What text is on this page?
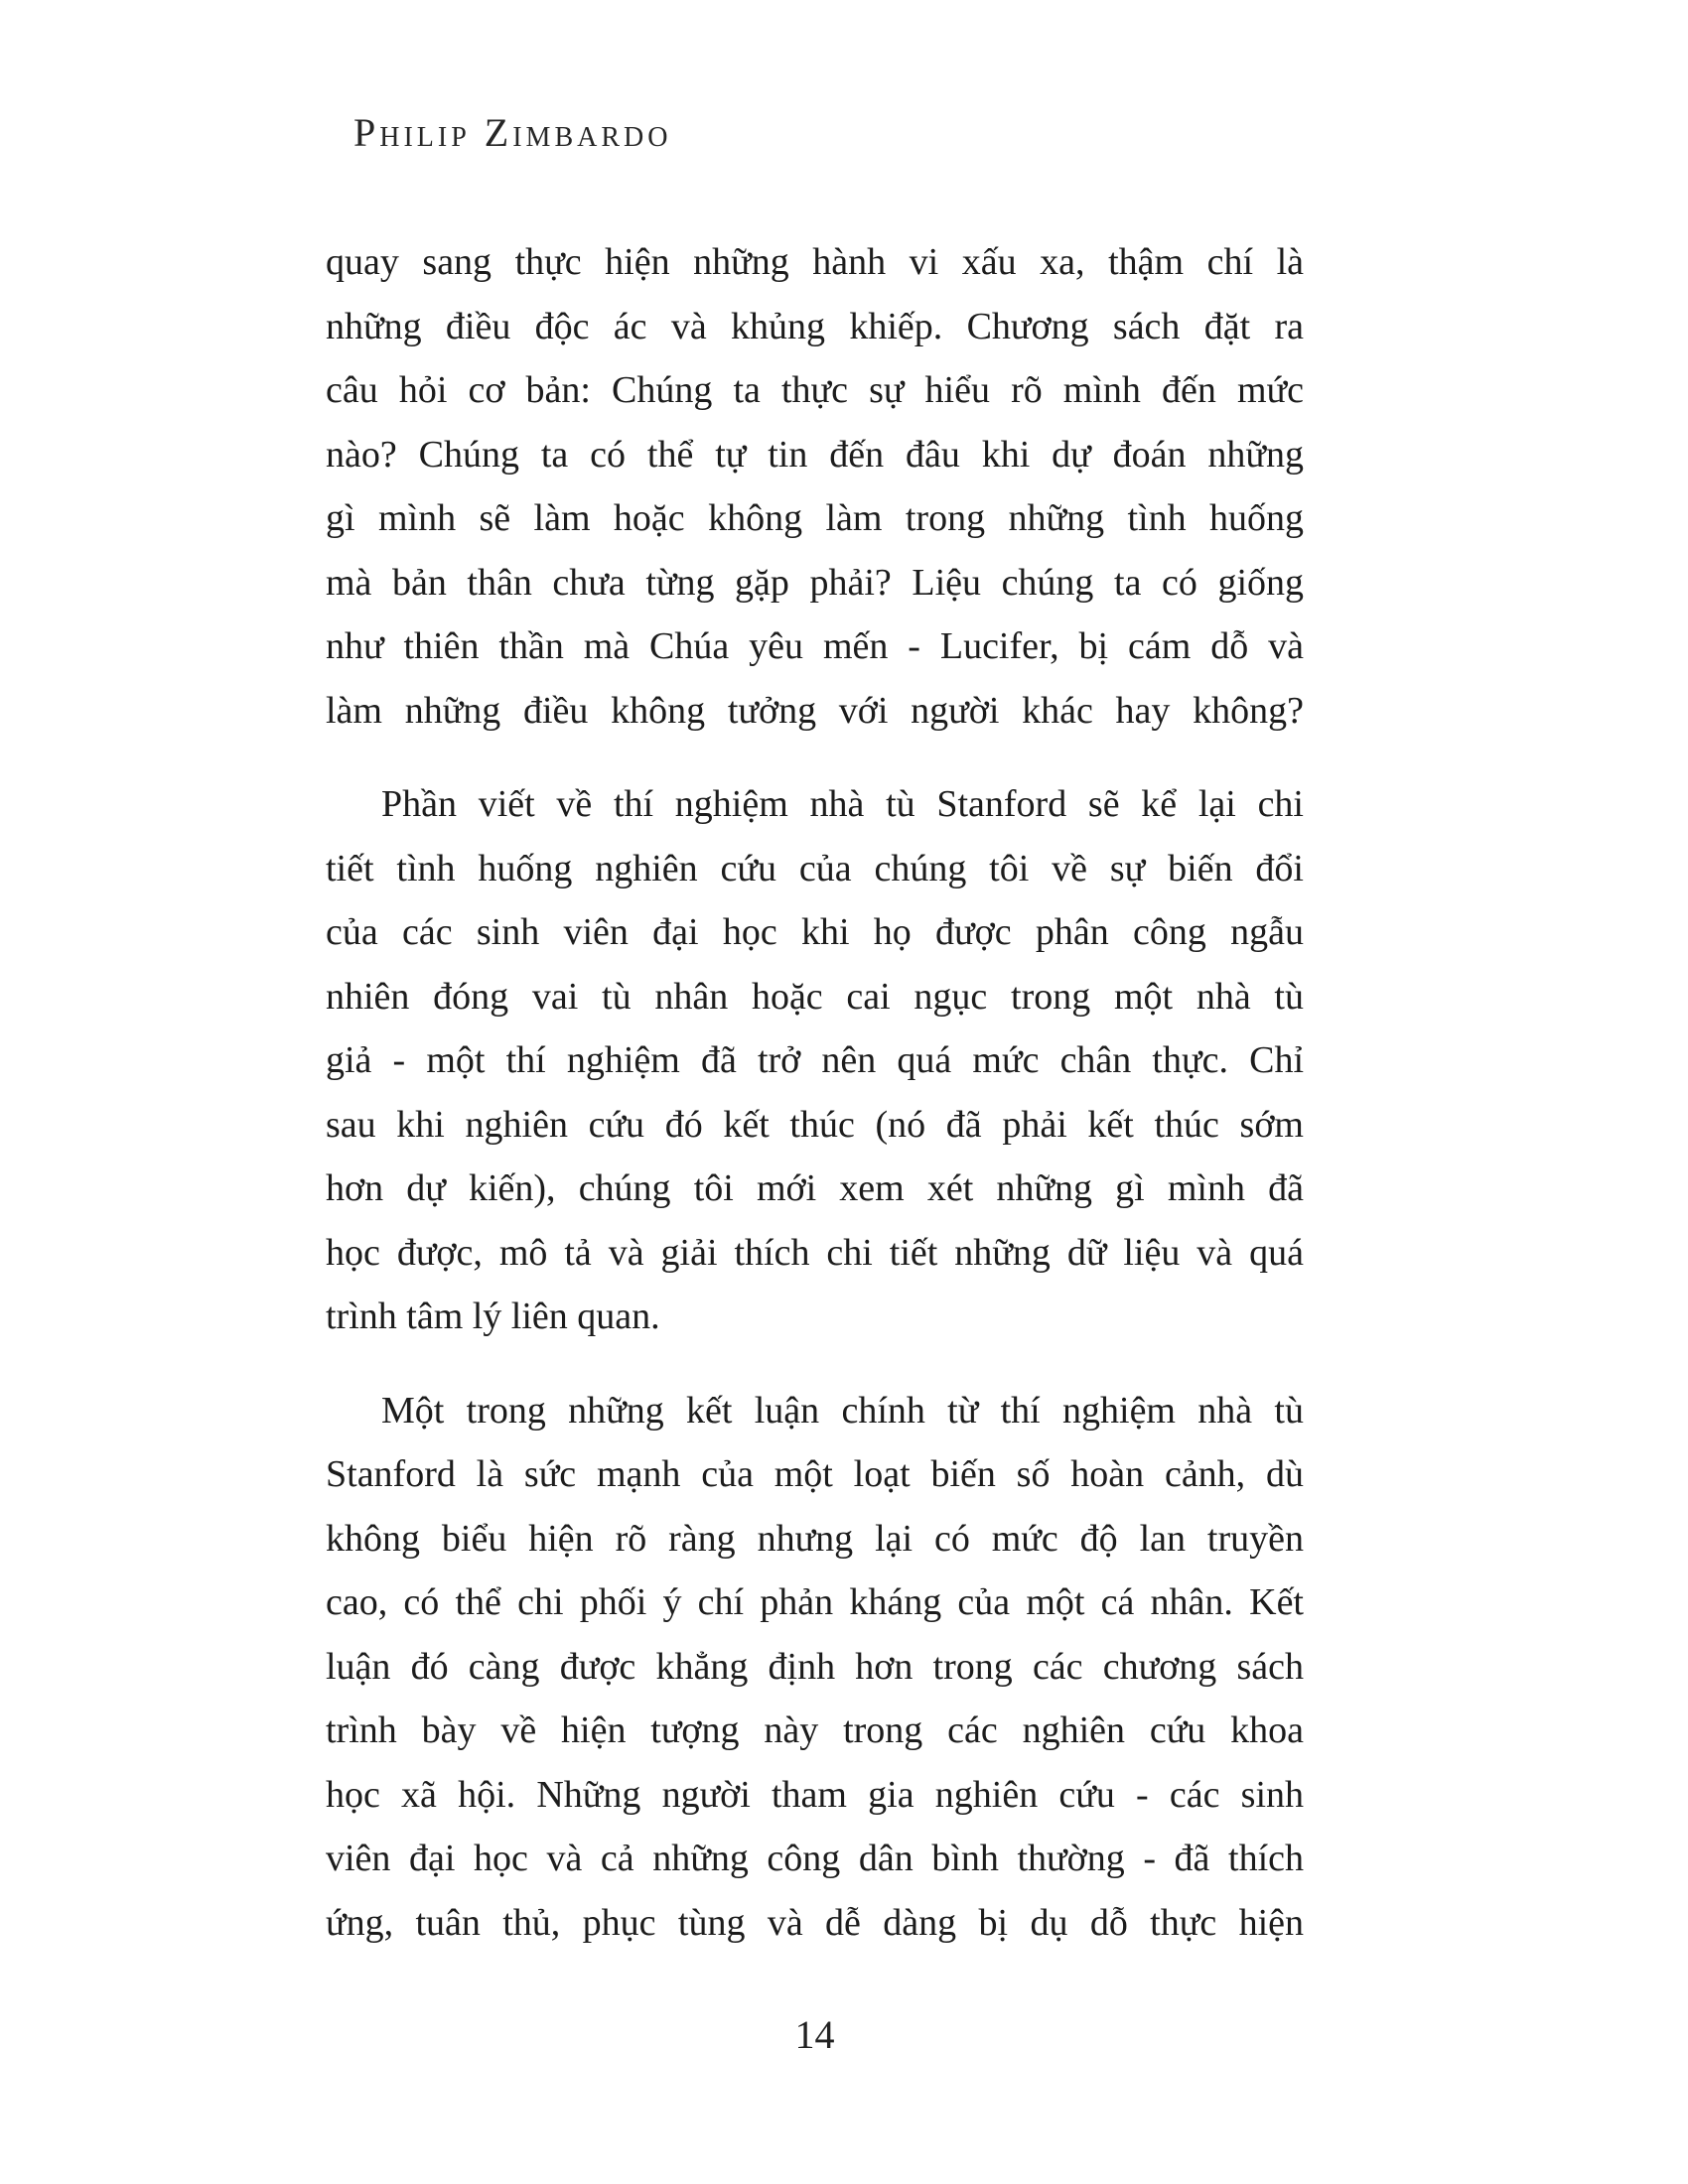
Philip Zimbardo
quay sang thực hiện những hành vi xấu xa, thậm chí là
những điều độc ác và khủng khiếp. Chương sách đặt ra
câu hỏi cơ bản: Chúng ta thực sự hiểu rõ mình đến mức
nào? Chúng ta có thể tự tin đến đâu khi dự đoán những
gì mình sẽ làm hoặc không làm trong những tình huống
mà bản thân chưa từng gặp phải? Liệu chúng ta có giống
như thiên thần mà Chúa yêu mến - Lucifer, bị cám dỗ và
làm những điều không tưởng với người khác hay không?
Phần viết về thí nghiệm nhà tù Stanford sẽ kể lại chi
tiết tình huống nghiên cứu của chúng tôi về sự biến đổi
của các sinh viên đại học khi họ được phân công ngẫu
nhiên đóng vai tù nhân hoặc cai ngục trong một nhà tù
giả - một thí nghiệm đã trở nên quá mức chân thực. Chỉ
sau khi nghiên cứu đó kết thúc (nó đã phải kết thúc sớm
hơn dự kiến), chúng tôi mới xem xét những gì mình đã
học được, mô tả và giải thích chi tiết những dữ liệu và quá
trình tâm lý liên quan.
Một trong những kết luận chính từ thí nghiệm nhà tù
Stanford là sức mạnh của một loạt biến số hoàn cảnh, dù
không biểu hiện rõ ràng nhưng lại có mức độ lan truyền
cao, có thể chi phối ý chí phản kháng của một cá nhân. Kết
luận đó càng được khẳng định hơn trong các chương sách
trình bày về hiện tượng này trong các nghiên cứu khoa
học xã hội. Những người tham gia nghiên cứu - các sinh
viên đại học và cả những công dân bình thường - đã thích
ứng, tuân thủ, phục tùng và dễ dàng bị dụ dỗ thực hiện
14
